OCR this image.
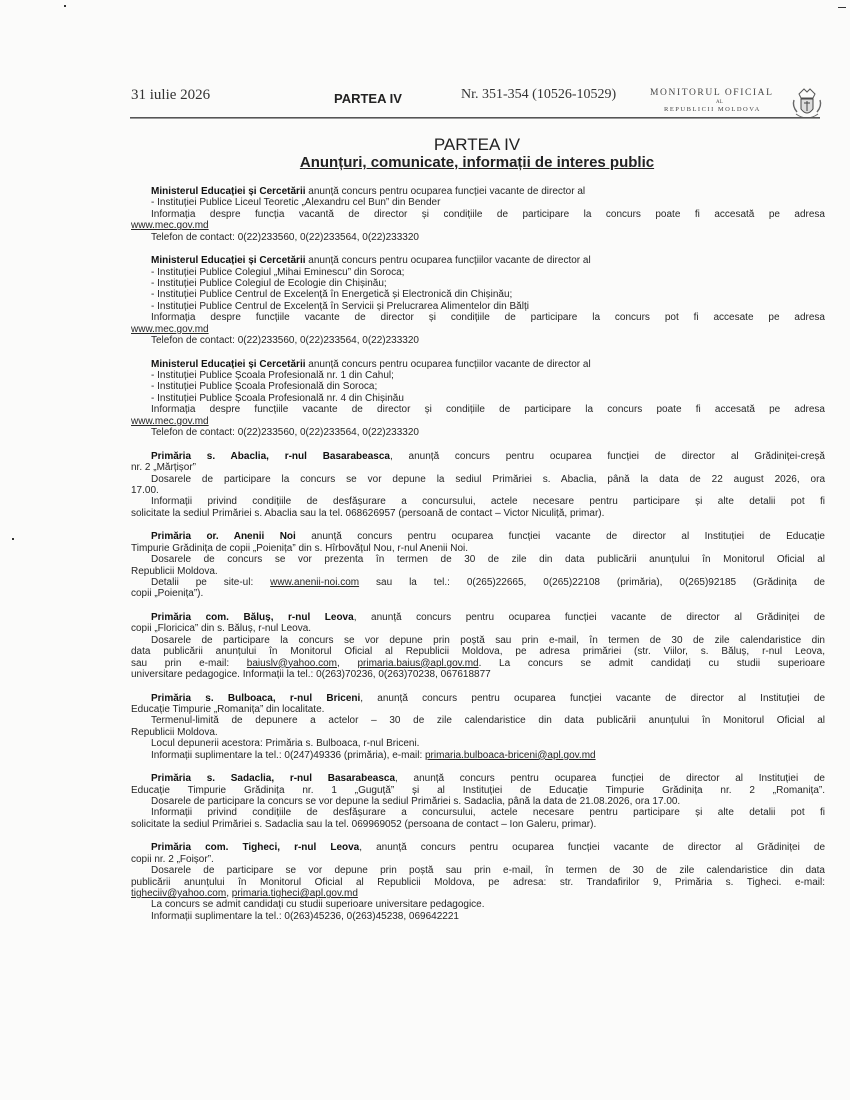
31 iulie 2026	PARTEA IV	Nr. 351-354 (10526-10529)	MONITORUL OFICIAL
AL
REPUBLICII MOLDOVA
PARTEA IV
Anunțuri, comunicate, informații de interes public
Ministerul Educației și Cercetării anunță concurs pentru ocuparea funcției vacante de director al
- Instituției Publice Liceul Teoretic „Alexandru cel Bun” din Bender
Informația despre funcția vacantă de director și condițiile de participare la concurs poate fi accesată pe adresa
www.mec.gov.md
Telefon de contact: 0(22)233560, 0(22)233564, 0(22)233320
Ministerul Educației și Cercetării anunță concurs pentru ocuparea funcțiilor vacante de director al
- Instituției Publice Colegiul „Mihai Eminescu” din Soroca;
- Instituției Publice Colegiul de Ecologie din Chișinău;
- Instituției Publice Centrul de Excelență în Energetică și Electronică din Chișinău;
- Instituției Publice Centrul de Excelență în Servicii și Prelucrarea Alimentelor din Bălți
Informația despre funcțiile vacante de director și condițiile de participare la concurs pot fi accesate pe adresa
www.mec.gov.md
Telefon de contact: 0(22)233560, 0(22)233564, 0(22)233320
Ministerul Educației și Cercetării anunță concurs pentru ocuparea funcțiilor vacante de director al
- Instituției Publice Școala Profesională nr. 1 din Cahul;
- Instituției Publice Școala Profesională din Soroca;
- Instituției Publice Școala Profesională nr. 4 din Chișinău
Informația despre funcțiile vacante de director și condițiile de participare la concurs poate fi accesată pe adresa
www.mec.gov.md
Telefon de contact: 0(22)233560, 0(22)233564, 0(22)233320
Primăria s. Abaclia, r-nul Basarabeasca, anunță concurs pentru ocuparea funcției de director al Grădiniței-creșă
nr. 2 „Mărțișor”
Dosarele de participare la concurs se vor depune la sediul Primăriei s. Abaclia, până la data de 22 august 2026, ora
17.00.
Informații privind condițiile de desfășurare a concursului, actele necesare pentru participare și alte detalii pot fi
solicitate la sediul Primăriei s. Abaclia sau la tel. 068626957 (persoană de contact – Victor Niculiță, primar).
Primăria or. Anenii Noi anunță concurs pentru ocuparea funcției vacante de director al Instituției de Educație
Timpurie Grădinița de copii „Poienița” din s. Hîrbovățul Nou, r-nul Anenii Noi.
Dosarele de concurs se vor prezenta în termen de 30 de zile din data publicării anunțului în Monitorul Oficial al
Republicii Moldova.
Detalii pe site-ul: www.anenii-noi.com sau la tel.: 0(265)22665, 0(265)22108 (primăria), 0(265)92185 (Grădinița de
copii „Poienița”).
Primăria com. Băluș, r-nul Leova, anunță concurs pentru ocuparea funcției vacante de director al Grădiniței de
copii „Floricica” din s. Băluș, r-nul Leova.
Dosarele de participare la concurs se vor depune prin poștă sau prin e-mail, în termen de 30 de zile calendaristice din
data publicării anunțului în Monitorul Oficial al Republicii Moldova, pe adresa primăriei (str. Viilor, s. Băluș, r-nul Leova,
sau prin e-mail: baiuslv@yahoo.com, primaria.baius@apl.gov.md. La concurs se admit candidați cu studii superioare
universitare pedagogice. Informații la tel.: 0(263)70236, 0(263)70238, 067618877
Primăria s. Bulboaca, r-nul Briceni, anunță concurs pentru ocuparea funcției vacante de director al Instituției de
Educație Timpurie „Romanița” din localitate.
Termenul-limită de depunere a actelor – 30 de zile calendaristice din data publicării anunțului în Monitorul Oficial al
Republicii Moldova.
Locul depunerii acestora: Primăria s. Bulboaca, r-nul Briceni.
Informații suplimentare la tel.: 0(247)49336 (primăria), e-mail: primaria.bulboaca-briceni@apl.gov.md
Primăria s. Sadaclia, r-nul Basarabeasca, anunță concurs pentru ocuparea funcției de director al Instituției de
Educație Timpurie Grădinița nr. 1 „Guguță” și al Instituției de Educație Timpurie Grădinița nr. 2 „Romanița”.
Dosarele de participare la concurs se vor depune la sediul Primăriei s. Sadaclia, până la data de 21.08.2026, ora 17.00.
Informații privind condițiile de desfășurare a concursului, actele necesare pentru participare și alte detalii pot fi
solicitate la sediul Primăriei s. Sadaclia sau la tel. 069969052 (persoana de contact – Ion Galeru, primar).
Primăria com. Tigheci, r-nul Leova, anunță concurs pentru ocuparea funcției vacante de director al Grădiniței de
copii nr. 2 „Foișor”.
Dosarele de participare se vor depune prin poștă sau prin e-mail, în termen de 30 de zile calendaristice din data
publicării anunțului în Monitorul Oficial al Republicii Moldova, pe adresa: str. Trandafirilor 9, Primăria s. Tigheci. e-mail:
tigheciiv@yahoo.com, primaria.tigheci@apl.gov.md
La concurs se admit candidați cu studii superioare universitare pedagogice.
Informații suplimentare la tel.: 0(263)45236, 0(263)45238, 069642221
